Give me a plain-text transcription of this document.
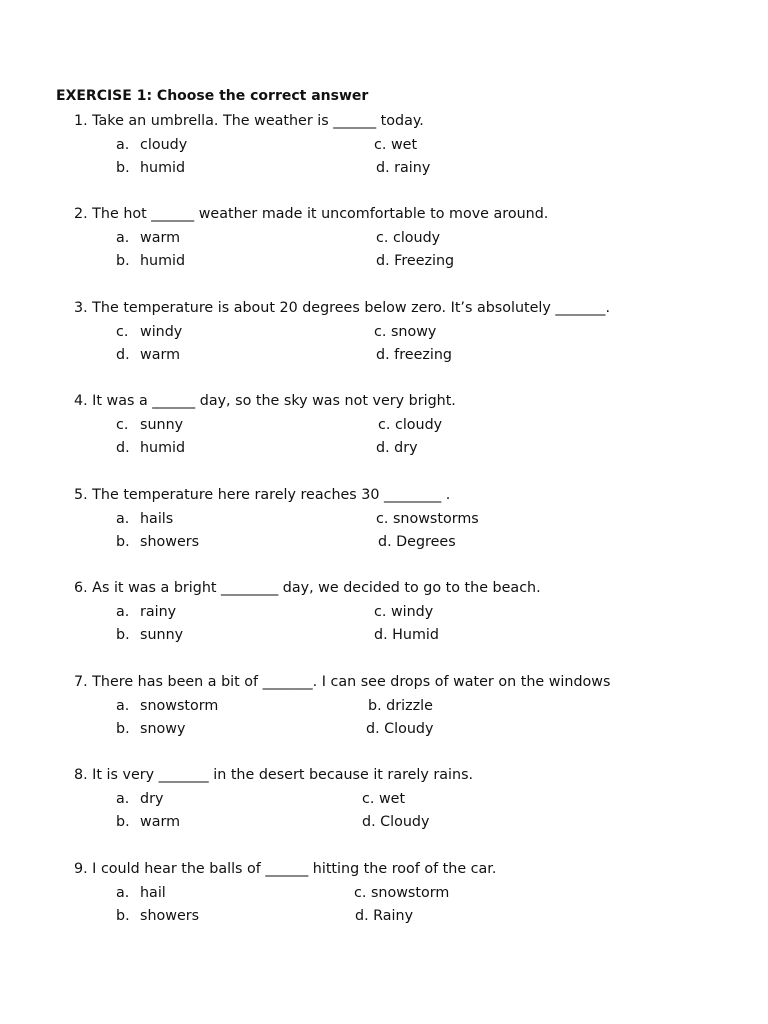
EXERCISE 1: Choose the correct answer
1. Take an umbrella. The weather is ______ today.
a. cloudy	c. wet
b. humid	d. rainy
2. The hot ______ weather made it uncomfortable to move around.
a. warm	c. cloudy
b. humid	d. Freezing
3. The temperature is about 20 degrees below zero. It’s absolutely _______.
c. windy	c. snowy
d. warm	d. freezing
4. It was a ______ day, so the sky was not very bright.
c. sunny	c. cloudy
d. humid	d. dry
5. The temperature here rarely reaches 30 ________ .
a. hails	c. snowstorms
b. showers	d. Degrees
6. As it was a bright ________ day, we decided to go to the beach.
a. rainy	c. windy
b. sunny	d. Humid
7. There has been a bit of _______. I can see drops of water on the windows
a. snowstorm	b. drizzle
b. snowy	d. Cloudy
8. It is very _______ in the desert because it rarely rains.
a. dry	c. wet
b. warm	d. Cloudy
9. I could hear the balls of ______ hitting the roof of the car.
a. hail	c. snowstorm
b. showers	d. Rainy
